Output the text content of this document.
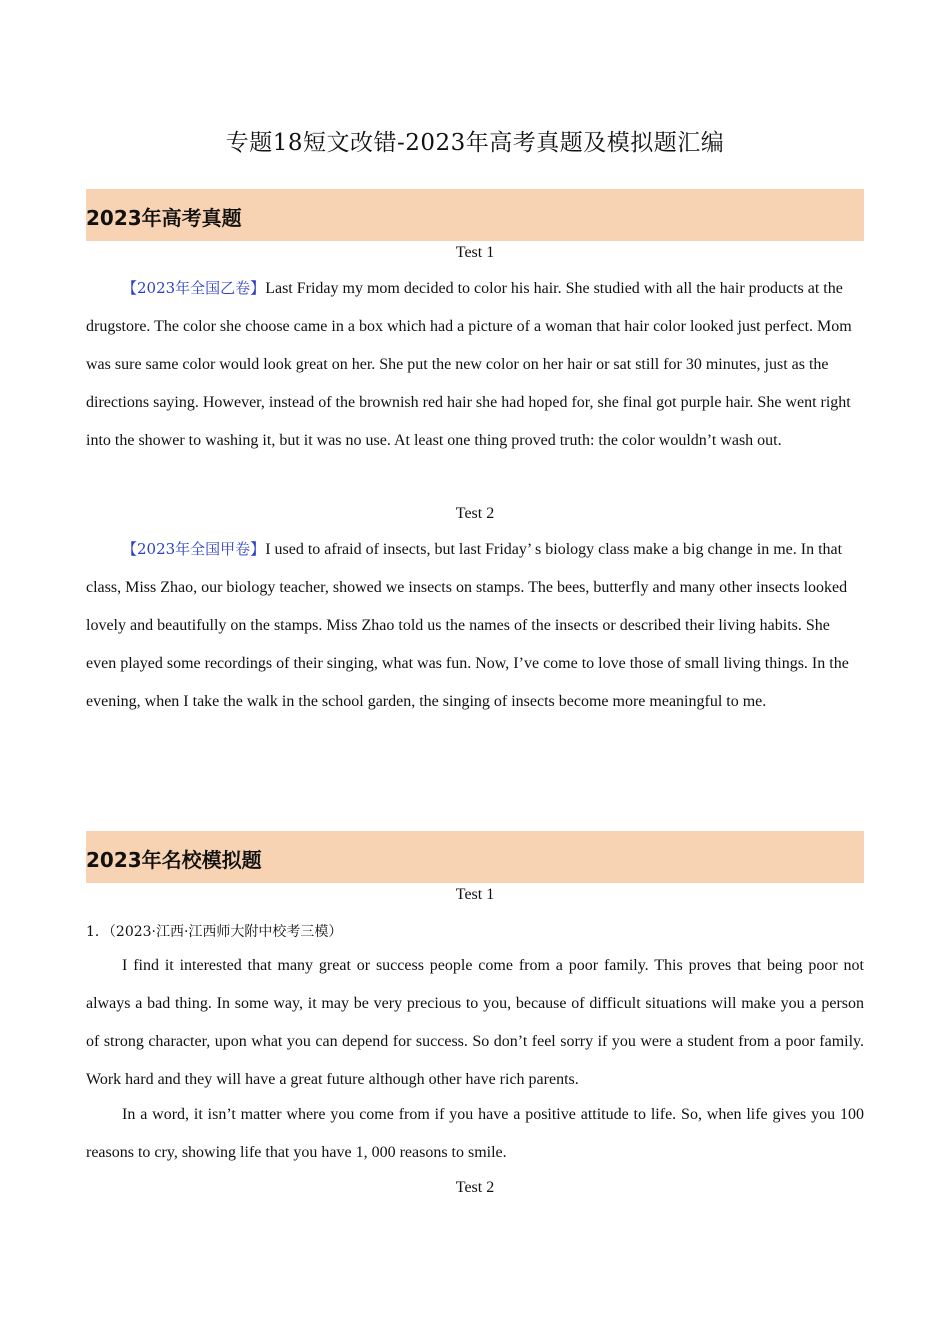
专题18短文改错-2023年高考真题及模拟题汇编
2023年高考真题
Test 1

【2023年全国乙卷】Last Friday my mom decided to color his hair. She studied with all the hair products at the drugstore. The color she choose came in a box which had a picture of a woman that hair color looked just perfect. Mom was sure same color would look great on her. She put the new color on her hair or sat still for 30 minutes, just as the directions saying. However, instead of the brownish red hair she had hoped for, she final got purple hair. She went right into the shower to washing it, but it was no use. At least one thing proved truth: the color wouldn’t wash out.

Test 2

【2023年全国甲卷】I used to afraid of insects, but last Friday’ s biology class make a big change in me. In that class, Miss Zhao, our biology teacher, showed we insects on stamps. The bees, butterfly and many other insects looked lovely and beautifully on the stamps. Miss Zhao told us the names of the insects or described their living habits. She even played some recordings of their singing, what was fun. Now, I’ve come to love those of small living things. In the evening, when I take the walk in the school garden, the singing of insects become more meaningful to me.

2023年名校模拟题
Test 1
1．（2023·江西·江西师大附中校考三模）

I find it interested that many great or success people come from a poor family. This proves that being poor not always a bad thing. In some way, it may be very precious to you, because of difficult situations will make you a person of strong character, upon what you can depend for success. So don’t feel sorry if you were a student from a poor family. Work hard and they will have a great future although other have rich parents.

In a word, it isn’t matter where you come from if you have a positive attitude to life. So, when life gives you 100 reasons to cry, showing life that you have 1, 000 reasons to smile.

Test 2
